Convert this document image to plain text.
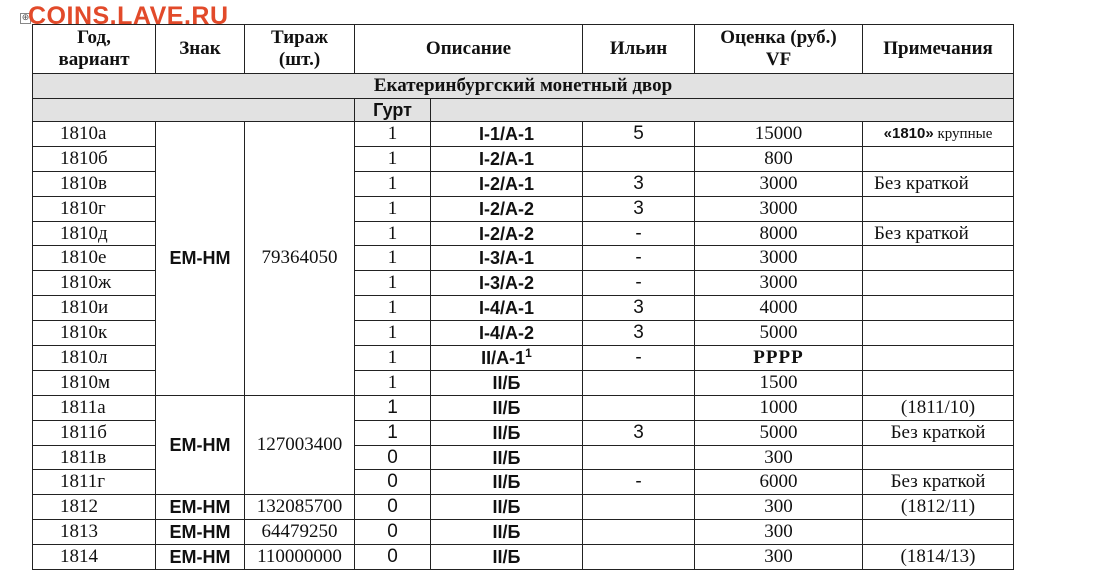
COINS.LAVE.RU
⊕
Год, вариант	Знак	Тираж (шт.)	Описание		Ильин	Оценка (руб.) VF	Примечания
Екатеринбургский монетный двор							
			Гурт				
1810а	ЕМ-НМ	79364050	1	I-1/A-1	5	15000	«1810» крупные
1810б			1	I-2/A-1		800	
1810в			1	I-2/A-1	3	3000	Без краткой
1810г			1	I-2/A-2	3	3000	
1810д			1	I-2/A-2	-	8000	Без краткой
1810е			1	I-3/A-1	-	3000	
1810ж			1	I-3/A-2	-	3000	
1810и			1	I-4/A-1	3	4000	
1810к			1	I-4/A-2	3	5000	
1810л			1	$II/A-1^1$	-	РРРР	
1810м			1	II/Б		1500	
1811а	ЕМ-НМ	127003400	1	II/Б		1000	(1811/10)
1811б			1	II/Б	3	5000	Без краткой
1811в			0	II/Б		300	
1811г			0	II/Б	-	6000	Без краткой
1812	ЕМ-НМ	132085700	0	II/Б		300	(1812/11)
1813	ЕМ-НМ	64479250	0	II/Б		300	
1814	ЕМ-НМ	110000000	0	II/Б		300	(1814/13)
